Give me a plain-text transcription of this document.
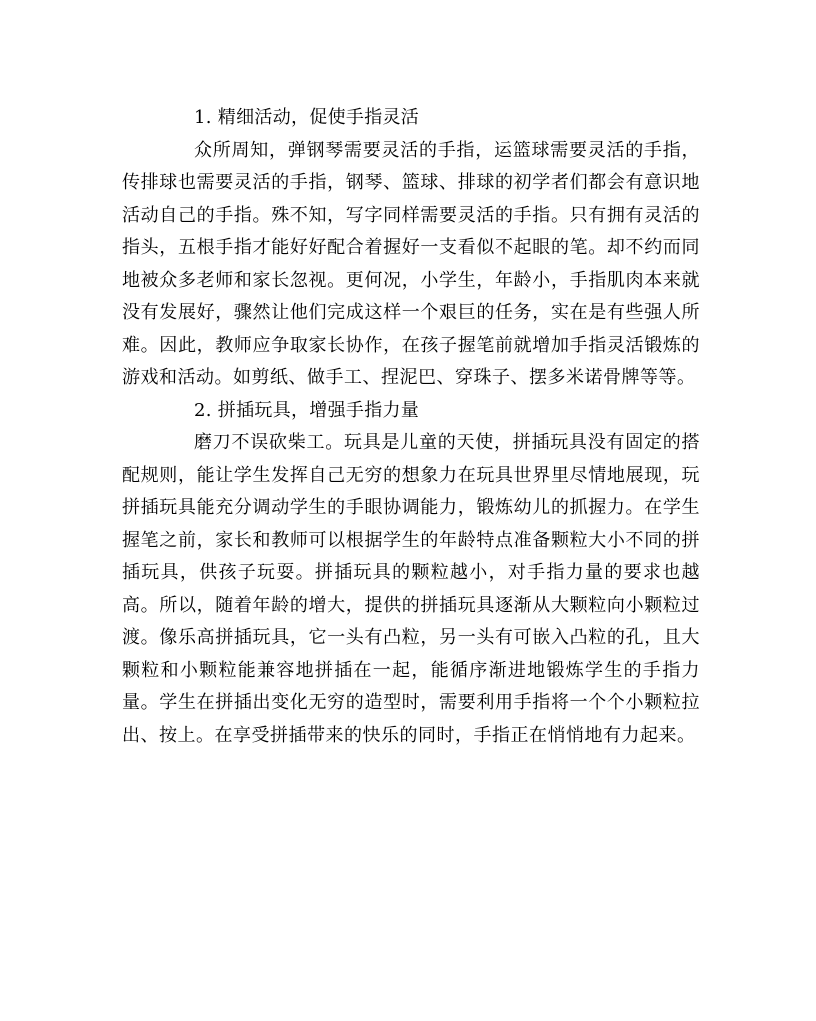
1. 精细活动，促使手指灵活

众所周知，弹钢琴需要灵活的手指，运篮球需要灵活的手指，传排球也需要灵活的手指，钢琴、篮球、排球的初学者们都会有意识地活动自己的手指。殊不知，写字同样需要灵活的手指。只有拥有灵活的指头，五根手指才能好好配合着握好一支看似不起眼的笔。却不约而同地被众多老师和家长忽视。更何况，小学生，年龄小，手指肌肉本来就没有发展好，骤然让他们完成这样一个艰巨的任务，实在是有些强人所难。因此，教师应争取家长协作，在孩子握笔前就增加手指灵活锻炼的游戏和活动。如剪纸、做手工、捏泥巴、穿珠子、摆多米诺骨牌等等。

2. 拼插玩具，增强手指力量

磨刀不误砍柴工。玩具是儿童的天使，拼插玩具没有固定的搭配规则，能让学生发挥自己无穷的想象力在玩具世界里尽情地展现，玩拼插玩具能充分调动学生的手眼协调能力，锻炼幼儿的抓握力。在学生握笔之前，家长和教师可以根据学生的年龄特点准备颗粒大小不同的拼插玩具，供孩子玩耍。拼插玩具的颗粒越小，对手指力量的要求也越高。所以，随着年龄的增大，提供的拼插玩具逐渐从大颗粒向小颗粒过渡。像乐高拼插玩具，它一头有凸粒，另一头有可嵌入凸粒的孔，且大颗粒和小颗粒能兼容地拼插在一起，能循序渐进地锻炼学生的手指力量。学生在拼插出变化无穷的造型时，需要利用手指将一个个小颗粒拉出、按上。在享受拼插带来的快乐的同时，手指正在悄悄地有力起来。
